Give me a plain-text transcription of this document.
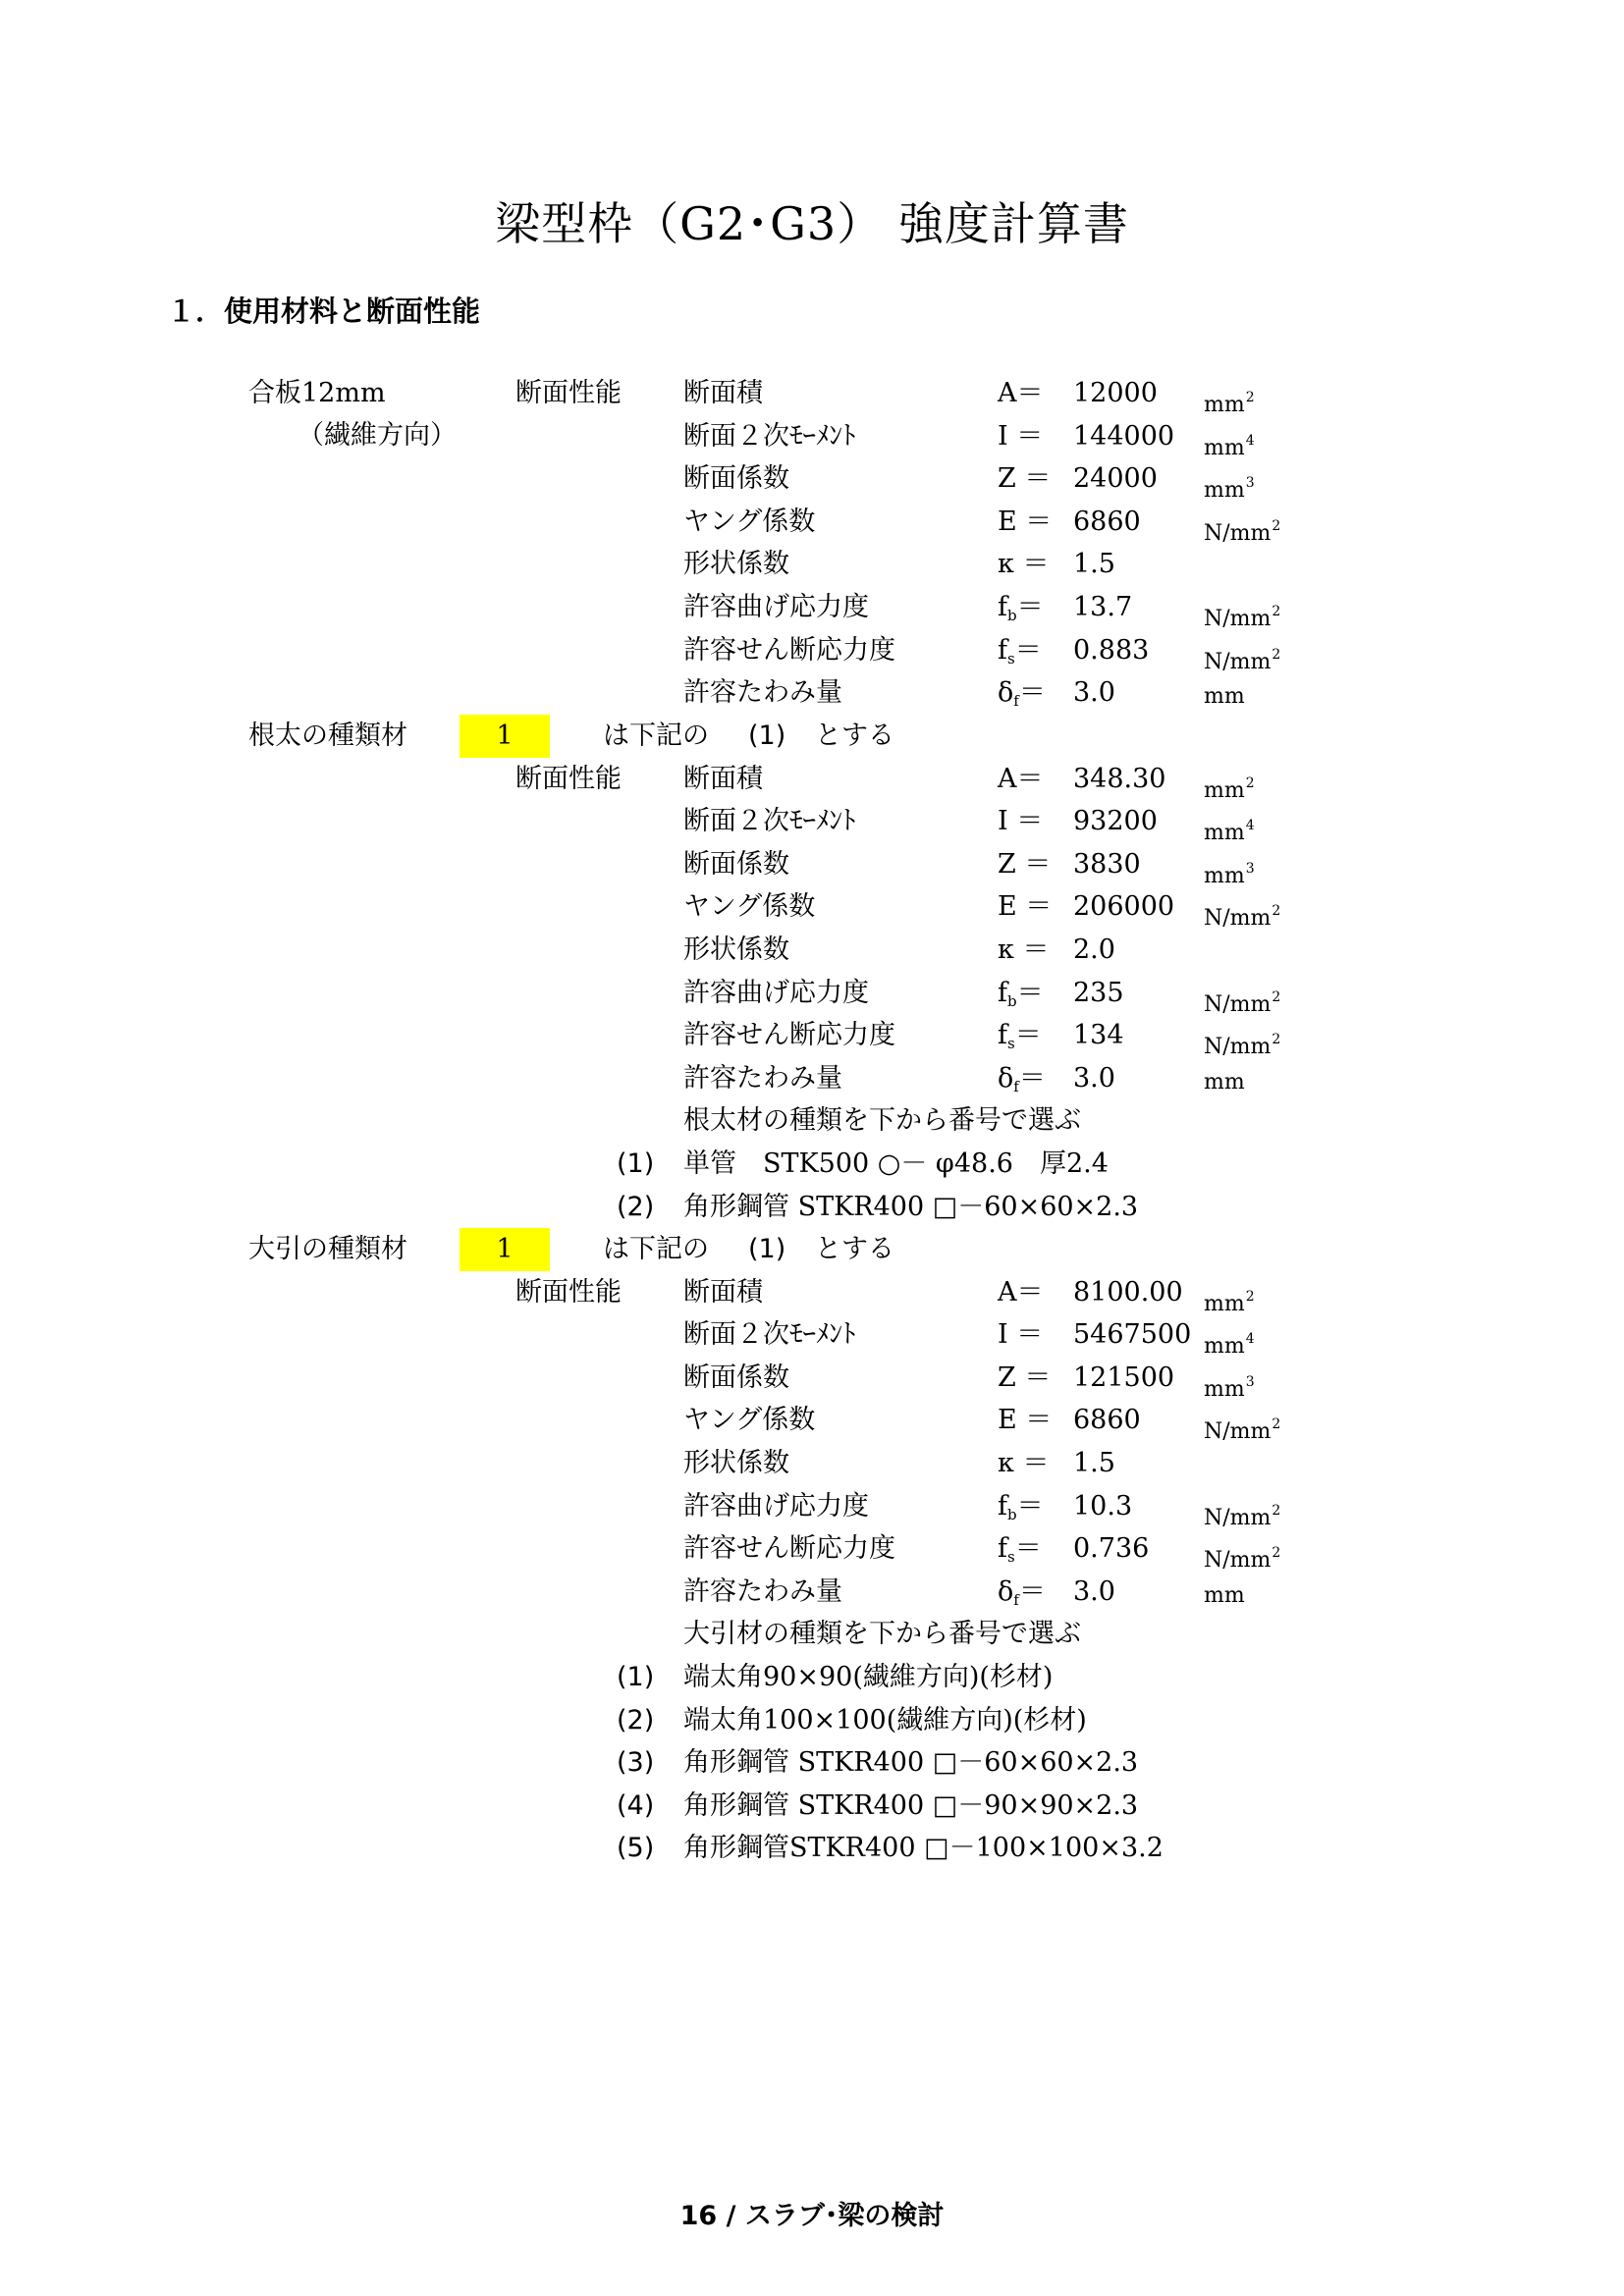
梁型枠（G2･G3） 強度計算書
１．使用材料と断面性能
合板12mm
（繊維方向）
断面性能 断面積	A＝ 12000 $mm^2$
断面２次ﾓｰﾒﾝﾄ	I ＝ 144000 $mm^4$
断面係数	Z ＝ 24000 $mm^3$
ヤング係数	E ＝ 6860	$N/mm^2$
形状係数	κ ＝ 1.5
許容曲げ応力度	$f_b= 13.7$	$N/mm^2$
許容せん断応力度	$f_s= 0.883$	$N/mm^2$
許容たわみ量	$\delta_f= 3.0$	mm
根太の種類材	1	は下記の (1) とする
断面性能 断面積	A＝ 348.30 $mm^2$
断面２次ﾓｰﾒﾝﾄ	I ＝ 93200 $mm^4$
断面係数	Z ＝ 3830	$mm^3$
ヤング係数	E ＝ 206000 $N/mm^2$
形状係数	κ ＝ 2.0
許容曲げ応力度	$f_b= 235$	$N/mm^2$
許容せん断応力度	$f_s= 134$	$N/mm^2$
許容たわみ量	$\delta_f= 3.0$	mm
根太材の種類を下から番号で選ぶ
(1) 単管　STK500 ○－ φ48.6　厚2.4
(2) 角形鋼管 STKR400 □－60×60×2.3
大引の種類材	1	は下記の (1) とする
断面性能 断面積	A＝ 8100.00 $mm^2$
断面２次ﾓｰﾒﾝﾄ	I ＝ 5467500 $mm^4$
断面係数	Z ＝ 121500 $mm^3$
ヤング係数	E ＝ 6860	$N/mm^2$
形状係数	κ ＝ 1.5
許容曲げ応力度	$f_b= 10.3$	$N/mm^2$
許容せん断応力度	$f_s= 0.736$	$N/mm^2$
許容たわみ量	$\delta_f= 3.0$	mm
大引材の種類を下から番号で選ぶ
(1) 端太角90×90(繊維方向)(杉材)
(2) 端太角100×100(繊維方向)(杉材)
(3) 角形鋼管 STKR400 □－60×60×2.3
(4) 角形鋼管 STKR400 □－90×90×2.3
(5) 角形鋼管STKR400 □－100×100×3.2
16 / スラブ･梁の検討
